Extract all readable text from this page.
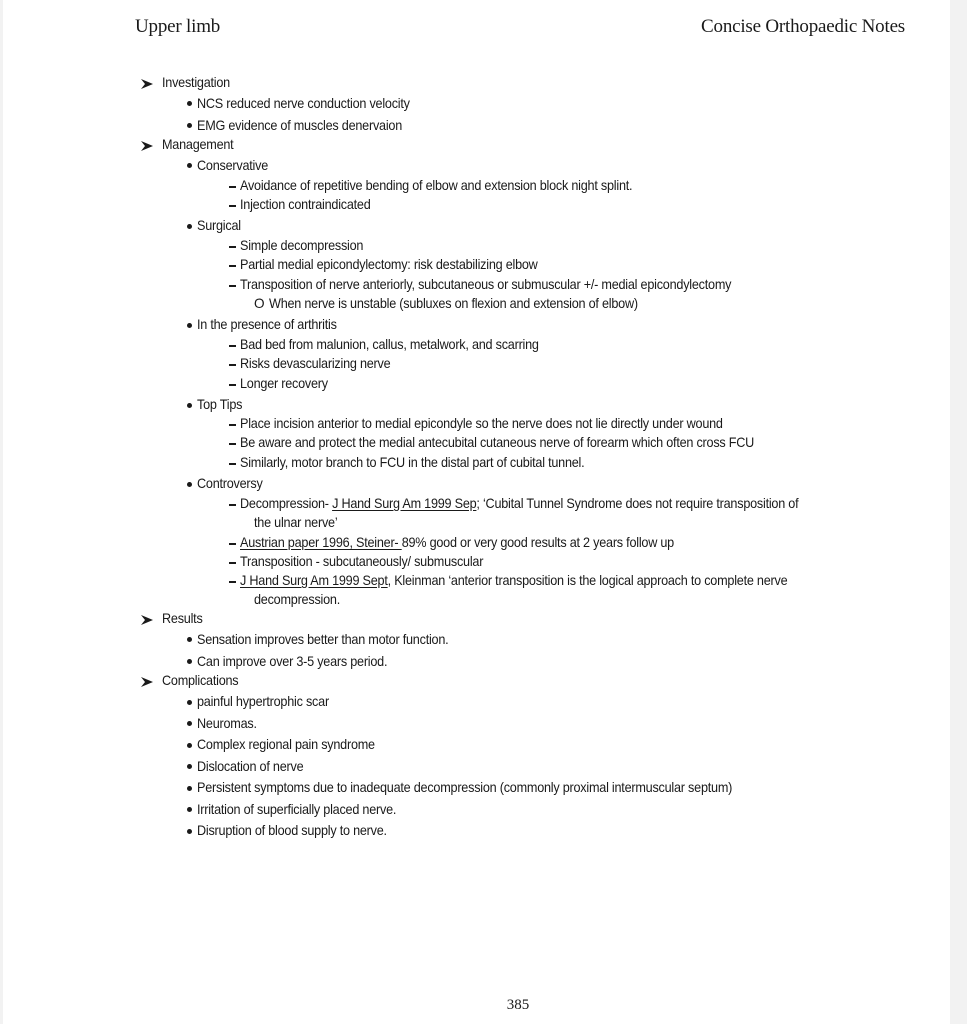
Upper limb	Concise Orthopaedic Notes
Investigation
NCS reduced nerve conduction velocity
EMG evidence of muscles denervaion
Management
Conservative
Avoidance of repetitive bending of elbow and extension block night splint.
Injection contraindicated
Surgical
Simple decompression
Partial medial epicondylectomy: risk destabilizing elbow
Transposition of nerve anteriorly, subcutaneous or submuscular +/- medial epicondylectomy
O When nerve is unstable (subluxes on flexion and extension of elbow)
In the presence of arthritis
Bad bed from malunion, callus, metalwork, and scarring
Risks devascularizing nerve
Longer recovery
Top Tips
Place incision anterior to medial epicondyle so the nerve does not lie directly under wound
Be aware and protect the medial antecubital cutaneous nerve of forearm which often cross FCU
Similarly, motor branch to FCU in the distal part of cubital tunnel.
Controversy
Decompression- J Hand Surg Am 1999 Sep; ‘Cubital Tunnel Syndrome does not require transposition of
the ulnar nerve’
Austrian paper 1996, Steiner- 89% good or very good results at 2 years follow up
Transposition - subcutaneously/ submuscular
J Hand Surg Am 1999 Sept, Kleinman ‘anterior transposition is the logical approach to complete nerve
decompression.
Results
Sensation improves better than motor function.
Can improve over 3-5 years period.
Complications
painful hypertrophic scar
Neuromas.
Complex regional pain syndrome
Dislocation of nerve
Persistent symptoms due to inadequate decompression (commonly proximal intermuscular septum)
Irritation of superficially placed nerve.
Disruption of blood supply to nerve.
385
